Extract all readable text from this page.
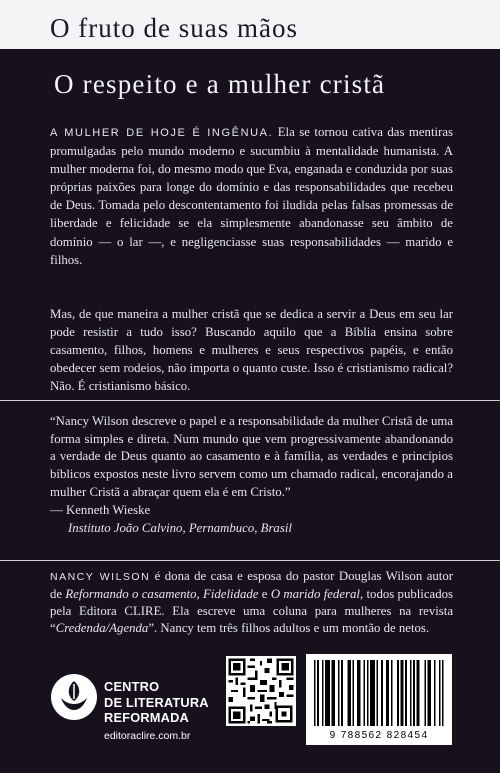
O fruto de suas mãos
O respeito e a mulher cristã
A MULHER DE HOJE É INGÊNUA. Ela se tornou cativa das mentiras promulgadas pelo mundo moderno e sucumbiu à mentalidade humanista. A mulher moderna foi, do mesmo modo que Eva, enganada e conduzida por suas próprias paixões para longe do domínio e das responsabilidades que recebeu de Deus. Tomada pelo descontentamento foi iludida pelas falsas promessas de liberdade e felicidade se ela simplesmente abandonasse seu âmbito de domínio — o lar —, e negligenciasse suas responsabilidades — marido e filhos.
Mas, de que maneira a mulher cristã que se dedica a servir a Deus em seu lar pode resistir a tudo isso? Buscando aquilo que a Bíblia ensina sobre casamento, filhos, homens e mulheres e seus respectivos papéis, e então obedecer sem rodeios, não importa o quanto custe. Isso é cristianismo radical? Não. É cristianismo básico.
“Nancy Wilson descreve o papel e a responsabilidade da mulher Cristã de uma forma simples e direta. Num mundo que vem progressivamente abandonando a verdade de Deus quanto ao casamento e à família, as verdades e princípios bíblicos expostos neste livro servem como um chamado radical, encorajando a mulher Cristã a abraçar quem ela é em Cristo.”
— Kenneth Wieske
Instituto João Calvino, Pernambuco, Brasil
NANCY WILSON é dona de casa e esposa do pastor Douglas Wilson autor de Reformando o casamento, Fidelidade e O marido federal, todos publicados pela Editora CLIRE. Ela escreve uma coluna para mulheres na revista “Credenda/Agenda”. Nancy tem três filhos adultos e um montão de netos.
CENTRO
DE LITERATURA
REFORMADA
editoraclire.com.br	9 788562 828454
